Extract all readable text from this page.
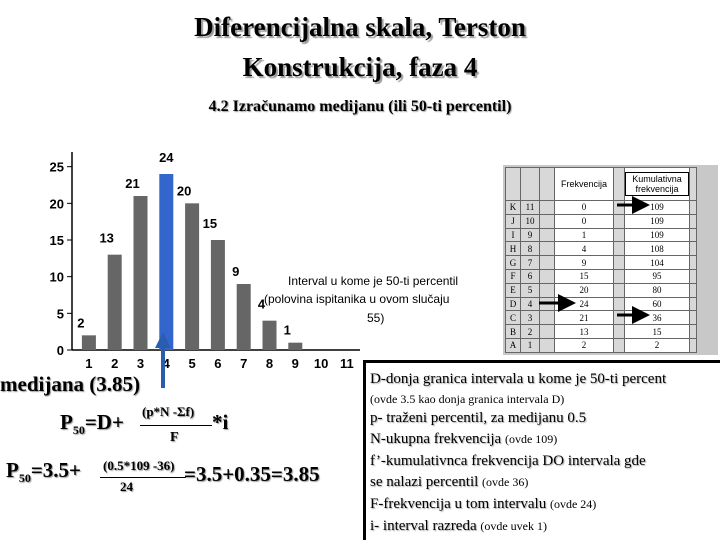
Diferencijalna skala, Terston
Konstrukcija, faza 4
4.2 Izračunamo medijanu (ili 50-ti percentil)
0
5
10
15
20
25
2
1
13
2
21
3
24
4
20
5
15
6
9
7
4
8
1
9 10 11
Interval u kome je 50-ti percentil
(polovina ispitanika u ovom slučaju
55)
			Frekvencija		Kumulativna frekvencija	
K	11		0		109	
J	10		0		109	
I	9		1		109	
H	8		4		108	
G	7		9		104	
F	6		15		95	
E	5		20		80	
D	4		24		60	
C	3		21		36	
B	2		13		15	
A	1		2		2	
medijana (3.85)
$P_{50}=D+ (p*N$ -Σf)
F
*i
$P_{50}=3.5+ (0.5*109$ -36)
24
=3.5+0.35=3.85
D-donja granica intervala u kome je 50-ti percent
(ovde 3.5 kao donja granica intervala D)
p- traženi percentil, za medijanu 0.5
N-ukupna frekvencija (ovde 109)
f’-kumulativnca frekvencija DO intervala gde
se nalazi percentil (ovde 36)
F-frekvencija u tom intervalu (ovde 24)
i- interval razreda (ovde uvek 1)
